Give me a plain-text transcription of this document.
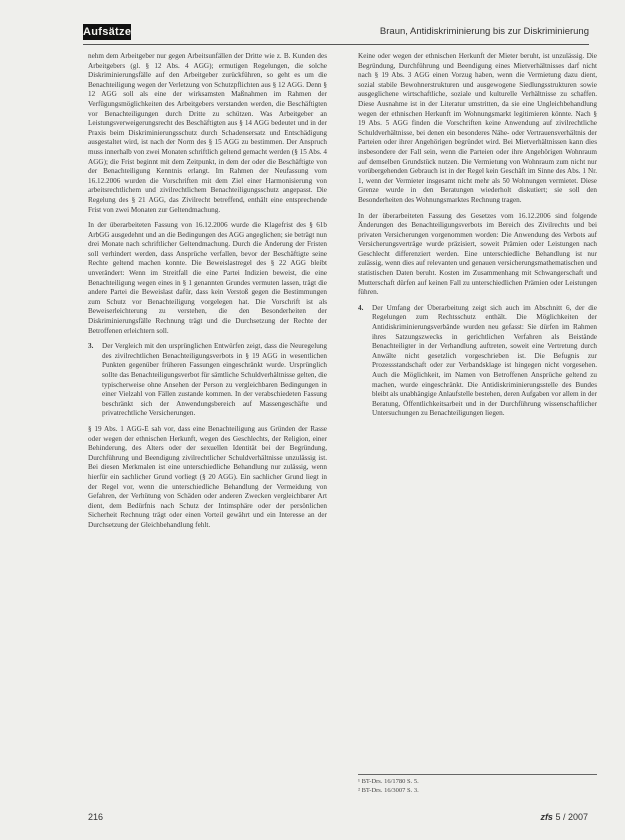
Aufsätze	Braun, Antidiskriminierung bis zur Diskriminierung

nehm dem Arbeitgeber nur gegen Arbeitsunfällen der Dritte wie z. B. Kunden des Arbeitgebers (gl. § 12 Abs. 4 AGG); ermutigen Regelungen, die solche Diskriminierungsfälle auf den Arbeitgeber zurückführen, so geht es um die Benachteiligung wegen der Verletzung von Schutzpflichten aus § 12 AGG. Denn § 12 AGG soll als eine der wirksamsten Maßnahmen im Rahmen der Verfügungsmöglichkeiten des Arbeitgebers verstanden werden, die Beschäftigten vor Benachteiligungen durch Dritte zu schützen. Was Arbeitgeber an Leistungsverweigerungsrecht des Beschäftigten aus § 14 AGG bedeutet und in der Praxis beim Diskriminierungsschutz durch Schadensersatz und Entschädigung ausgestaltet wird, ist nach der Norm des § 15 AGG zu bestimmen. Der Anspruch muss innerhalb von zwei Monaten schriftlich geltend gemacht werden (§ 15 Abs. 4 AGG); die Frist beginnt mit dem Zeitpunkt, in dem der oder die Beschäftigte von der Benachteiligung Kenntnis erlangt. Im Rahmen der Neufassung vom 16.12.2006 wurden die Vorschriften mit dem Ziel einer Harmonisierung von arbeitsrechtlichem und zivilrechtlichem Benachteiligungsschutz angepasst. Die Regelung des § 21 AGG, das Zivilrecht betreffend, enthält eine entsprechende Frist von zwei Monaten zur Geltendmachung.

In der überarbeiteten Fassung von 16.12.2006 wurde die Klagefrist des § 61b ArbGG ausgedehnt und an die Bedingungen des AGG angeglichen; sie beträgt nun drei Monate nach schriftlicher Geltendmachung. Durch die Änderung der Fristen soll verhindert werden, dass Ansprüche verfallen, bevor der Beschäftigte seine Rechte geltend machen konnte. Die Beweislastregel des § 22 AGG bleibt unverändert: Wenn im Streitfall die eine Partei Indizien beweist, die eine Benachteiligung wegen eines in § 1 genannten Grundes vermuten lassen, trägt die andere Partei die Beweislast dafür, dass kein Verstoß gegen die Bestimmungen zum Schutz vor Benachteiligung vorgelegen hat. Die Vorschrift ist als Beweiserleichterung zu verstehen, die den Besonderheiten der Diskriminierungsfälle Rechnung trägt und die Durchsetzung der Rechte der Betroffenen erleichtern soll.

3.	Der Vergleich mit den ursprünglichen Entwürfen zeigt, dass die Neuregelung des zivilrechtlichen Benachteiligungsverbots in § 19 AGG in wesentlichen Punkten gegenüber früheren Fassungen eingeschränkt wurde. Ursprünglich sollte das Benachteiligungsverbot für sämtliche Schuldverhältnisse gelten, die typischerweise ohne Ansehen der Person zu vergleichbaren Bedingungen in einer Vielzahl von Fällen zustande kommen. In der verabschiedeten Fassung beschränkt sich der Anwendungsbereich auf Massengeschäfte und privatrechtliche Versicherungen.

§ 19 Abs. 1 AGG-E sah vor, dass eine Benachteiligung aus Gründen der Rasse oder wegen der ethnischen Herkunft, wegen des Geschlechts, der Religion, einer Behinderung, des Alters oder der sexuellen Identität bei der Begründung, Durchführung und Beendigung zivilrechtlicher Schuldverhältnisse unzulässig ist. Bei diesen Merkmalen ist eine unterschiedliche Behandlung nur zulässig, wenn hierfür ein sachlicher Grund vorliegt (§ 20 AGG). Ein sachlicher Grund liegt in der Regel vor, wenn die unterschiedliche Behandlung der Vermeidung von Gefahren, der Verhütung von Schäden oder anderen Zwecken vergleichbarer Art dient, dem Bedürfnis nach Schutz der Intimsphäre oder der persönlichen Sicherheit Rechnung trägt oder einen Vorteil gewährt und ein Interesse an der Durchsetzung der Gleichbehandlung fehlt.

Keine oder wegen der ethnischen Herkunft der Mieter beruht, ist unzulässig. Die Begründung, Durchführung und Beendigung eines Mietverhältnisses darf nicht nach § 19 Abs. 3 AGG einen Vorzug haben, wenn die Vermietung dazu dient, sozial stabile Bewohnerstrukturen und ausgewogene Siedlungsstrukturen sowie ausgeglichene wirtschaftliche, soziale und kulturelle Verhältnisse zu schaffen. Diese Ausnahme ist in der Literatur umstritten, da sie eine Ungleichbehandlung wegen der ethnischen Herkunft im Wohnungsmarkt legitimieren könnte. Nach § 19 Abs. 5 AGG finden die Vorschriften keine Anwendung auf zivilrechtliche Schuldverhältnisse, bei denen ein besonderes Nähe- oder Vertrauensverhältnis der Parteien oder ihrer Angehörigen begründet wird. Bei Mietverhältnissen kann dies insbesondere der Fall sein, wenn die Parteien oder ihre Angehörigen Wohnraum auf demselben Grundstück nutzen. Die Vermietung von Wohnraum zum nicht nur vorübergehenden Gebrauch ist in der Regel kein Geschäft im Sinne des Abs. 1 Nr. 1, wenn der Vermieter insgesamt nicht mehr als 50 Wohnungen vermietet. Diese Grenze wurde in den Beratungen wiederholt diskutiert; sie soll den Besonderheiten des Wohnungsmarktes Rechnung tragen.

In der überarbeiteten Fassung des Gesetzes vom 16.12.2006 sind folgende Änderungen des Benachteiligungsverbots im Bereich des Zivilrechts und bei privaten Versicherungen vorgenommen worden: Die Anwendung des Verbots auf Versicherungsverträge wurde präzisiert, soweit Prämien oder Leistungen nach Geschlecht differenziert werden. Eine unterschiedliche Behandlung ist nur zulässig, wenn dies auf relevanten und genauen versicherungsmathematischen und statistischen Daten beruht. Kosten im Zusammenhang mit Schwangerschaft und Mutterschaft dürfen auf keinen Fall zu unterschiedlichen Prämien oder Leistungen führen.

4.	Der Umfang der Überarbeitung zeigt sich auch im Abschnitt 6, der die Regelungen zum Rechtsschutz enthält. Die Möglichkeiten der Antidiskriminierungsverbände wurden neu gefasst: Sie dürfen im Rahmen ihres Satzungszwecks in gerichtlichen Verfahren als Beistände Benachteiligter in der Verhandlung auftreten, soweit eine Vertretung durch Anwälte nicht gesetzlich vorgeschrieben ist. Die Befugnis zur Prozessstandschaft oder zur Verbandsklage ist hingegen nicht vorgesehen. Auch die Möglichkeit, im Namen von Betroffenen Ansprüche geltend zu machen, wurde eingeschränkt. Die Antidiskriminierungsstelle des Bundes bleibt als unabhängige Anlaufstelle bestehen, deren Aufgaben vor allem in der Beratung, Öffentlichkeitsarbeit und in der Durchführung wissenschaftlicher Untersuchungen zu Benachteiligungen liegen.
¹ BT-Drs. 16/1780 S. 5.
² BT-Drs. 16/3007 S. 3.
216	zfs 5 / 2007
